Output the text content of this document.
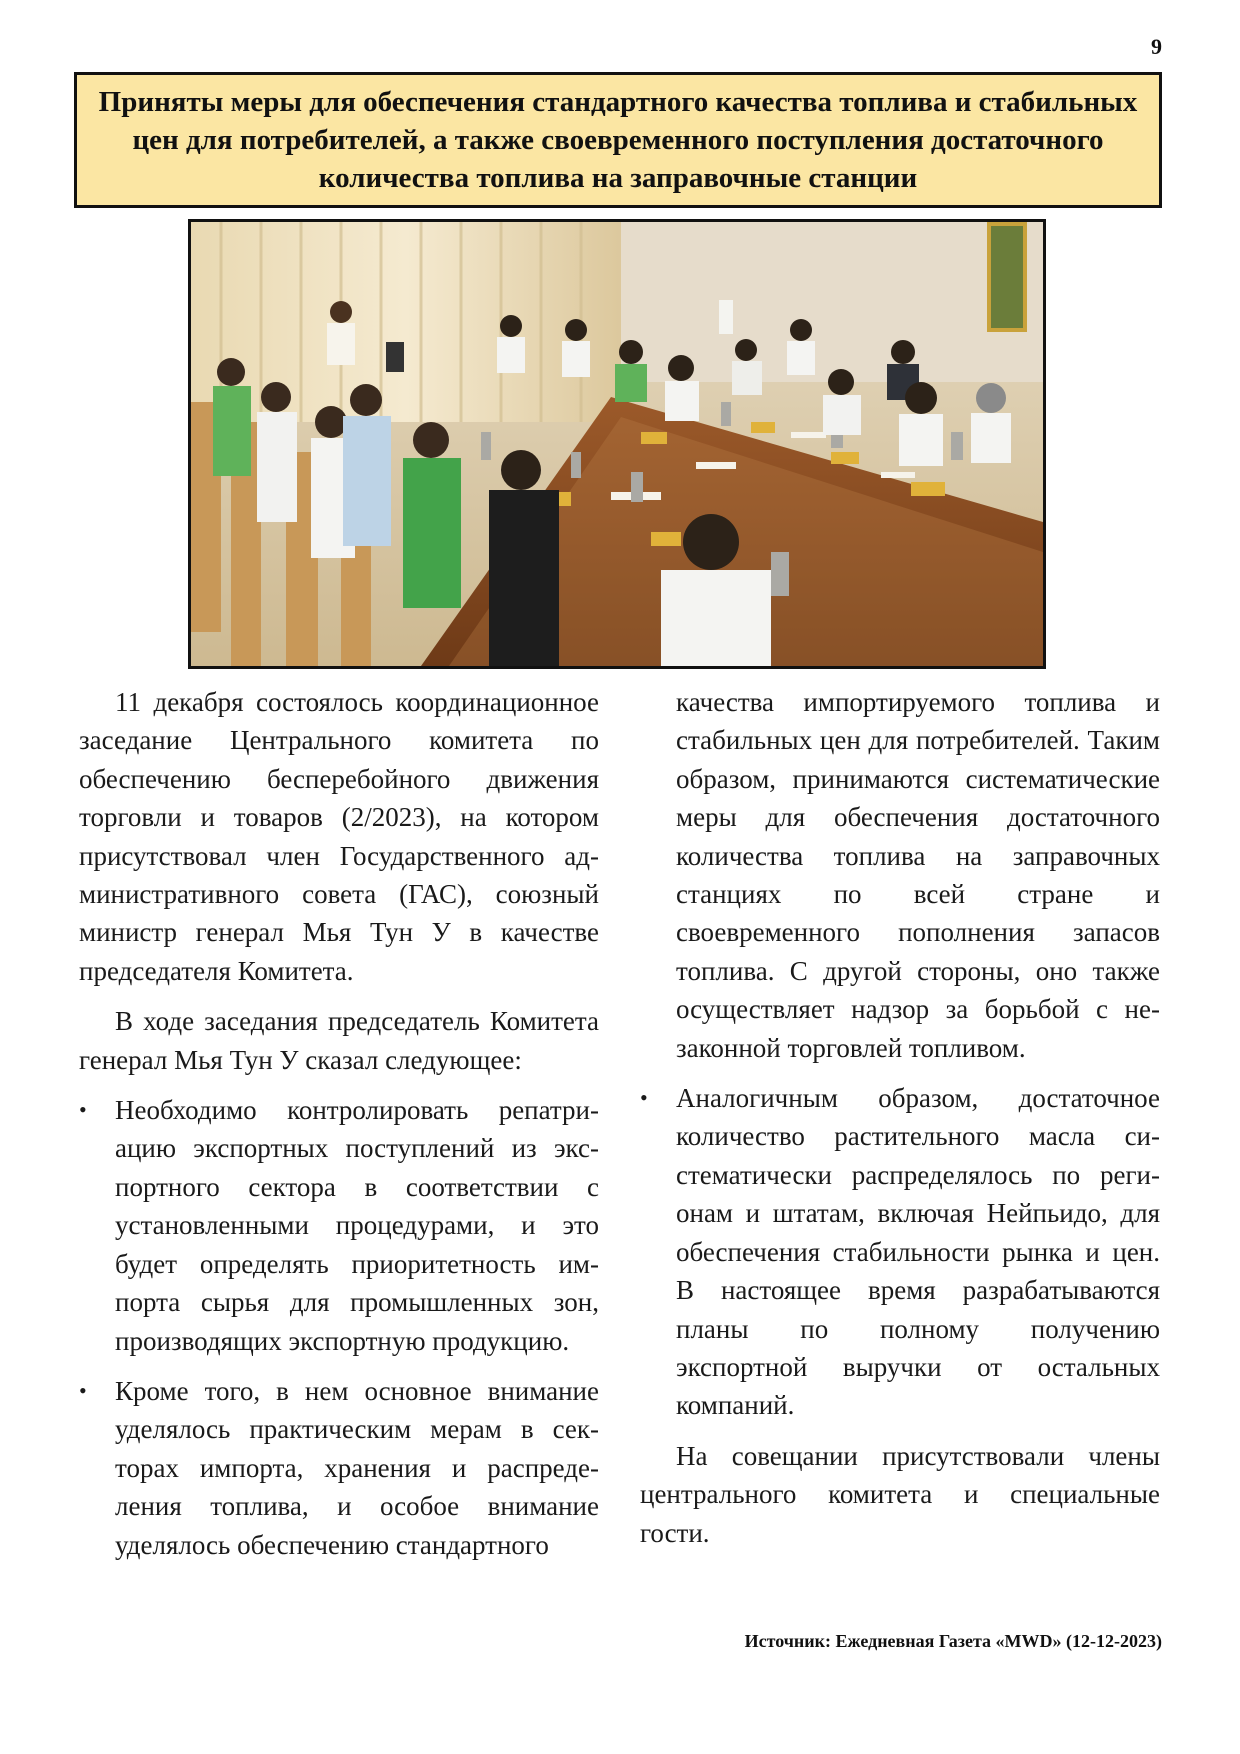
9
Приняты меры для обеспечения стандартного качества топлива и стабильных цен для потребителей, а также своевременного поступления достаточного количества топлива на заправочные станции

11 декабря состоялось координационное заседание Центрального комитета по обеспечению бесперебойного движения торговли и товаров (2/2023), на котором присутствовал член Государственного административного совета (ГАС), союзный министр генерал Мья Тун У в качестве председателя Комитета.

В ходе заседания председатель Комитета генерал Мья Тун У сказал следующее:

• Необходимо контролировать репатриацию экспортных поступлений из экспортного сектора в соответствии с установленными процедурами, и это будет определять приоритетность импорта сырья для промышленных зон, производящих экспортную продукцию.
• Кроме того, в нем основное внимание уделялось практическим мерам в секторах импорта, хранения и распределения топлива, и особое внимание уделялось обеспечению стандартного

качества импортируемого топлива и стабильных цен для потребителей. Таким образом, принимаются систематические меры для обеспечения достаточного количества топлива на заправочных станциях по всей стране и своевременного пополнения запасов топлива. С другой стороны, оно также осуществляет надзор за борьбой с незаконной торговлей топливом.

• Аналогичным образом, достаточное количество растительного масла систематически распределялось по регионам и штатам, включая Нейпьидо, для обеспечения стабильности рынка и цен. В настоящее время разрабатываются планы по полному получению экспортной выручки от остальных компаний.

На совещании присутствовали члены центрального комитета и специальные гости.

Источник: Ежедневная Газета «MWD» (12-12-2023)
